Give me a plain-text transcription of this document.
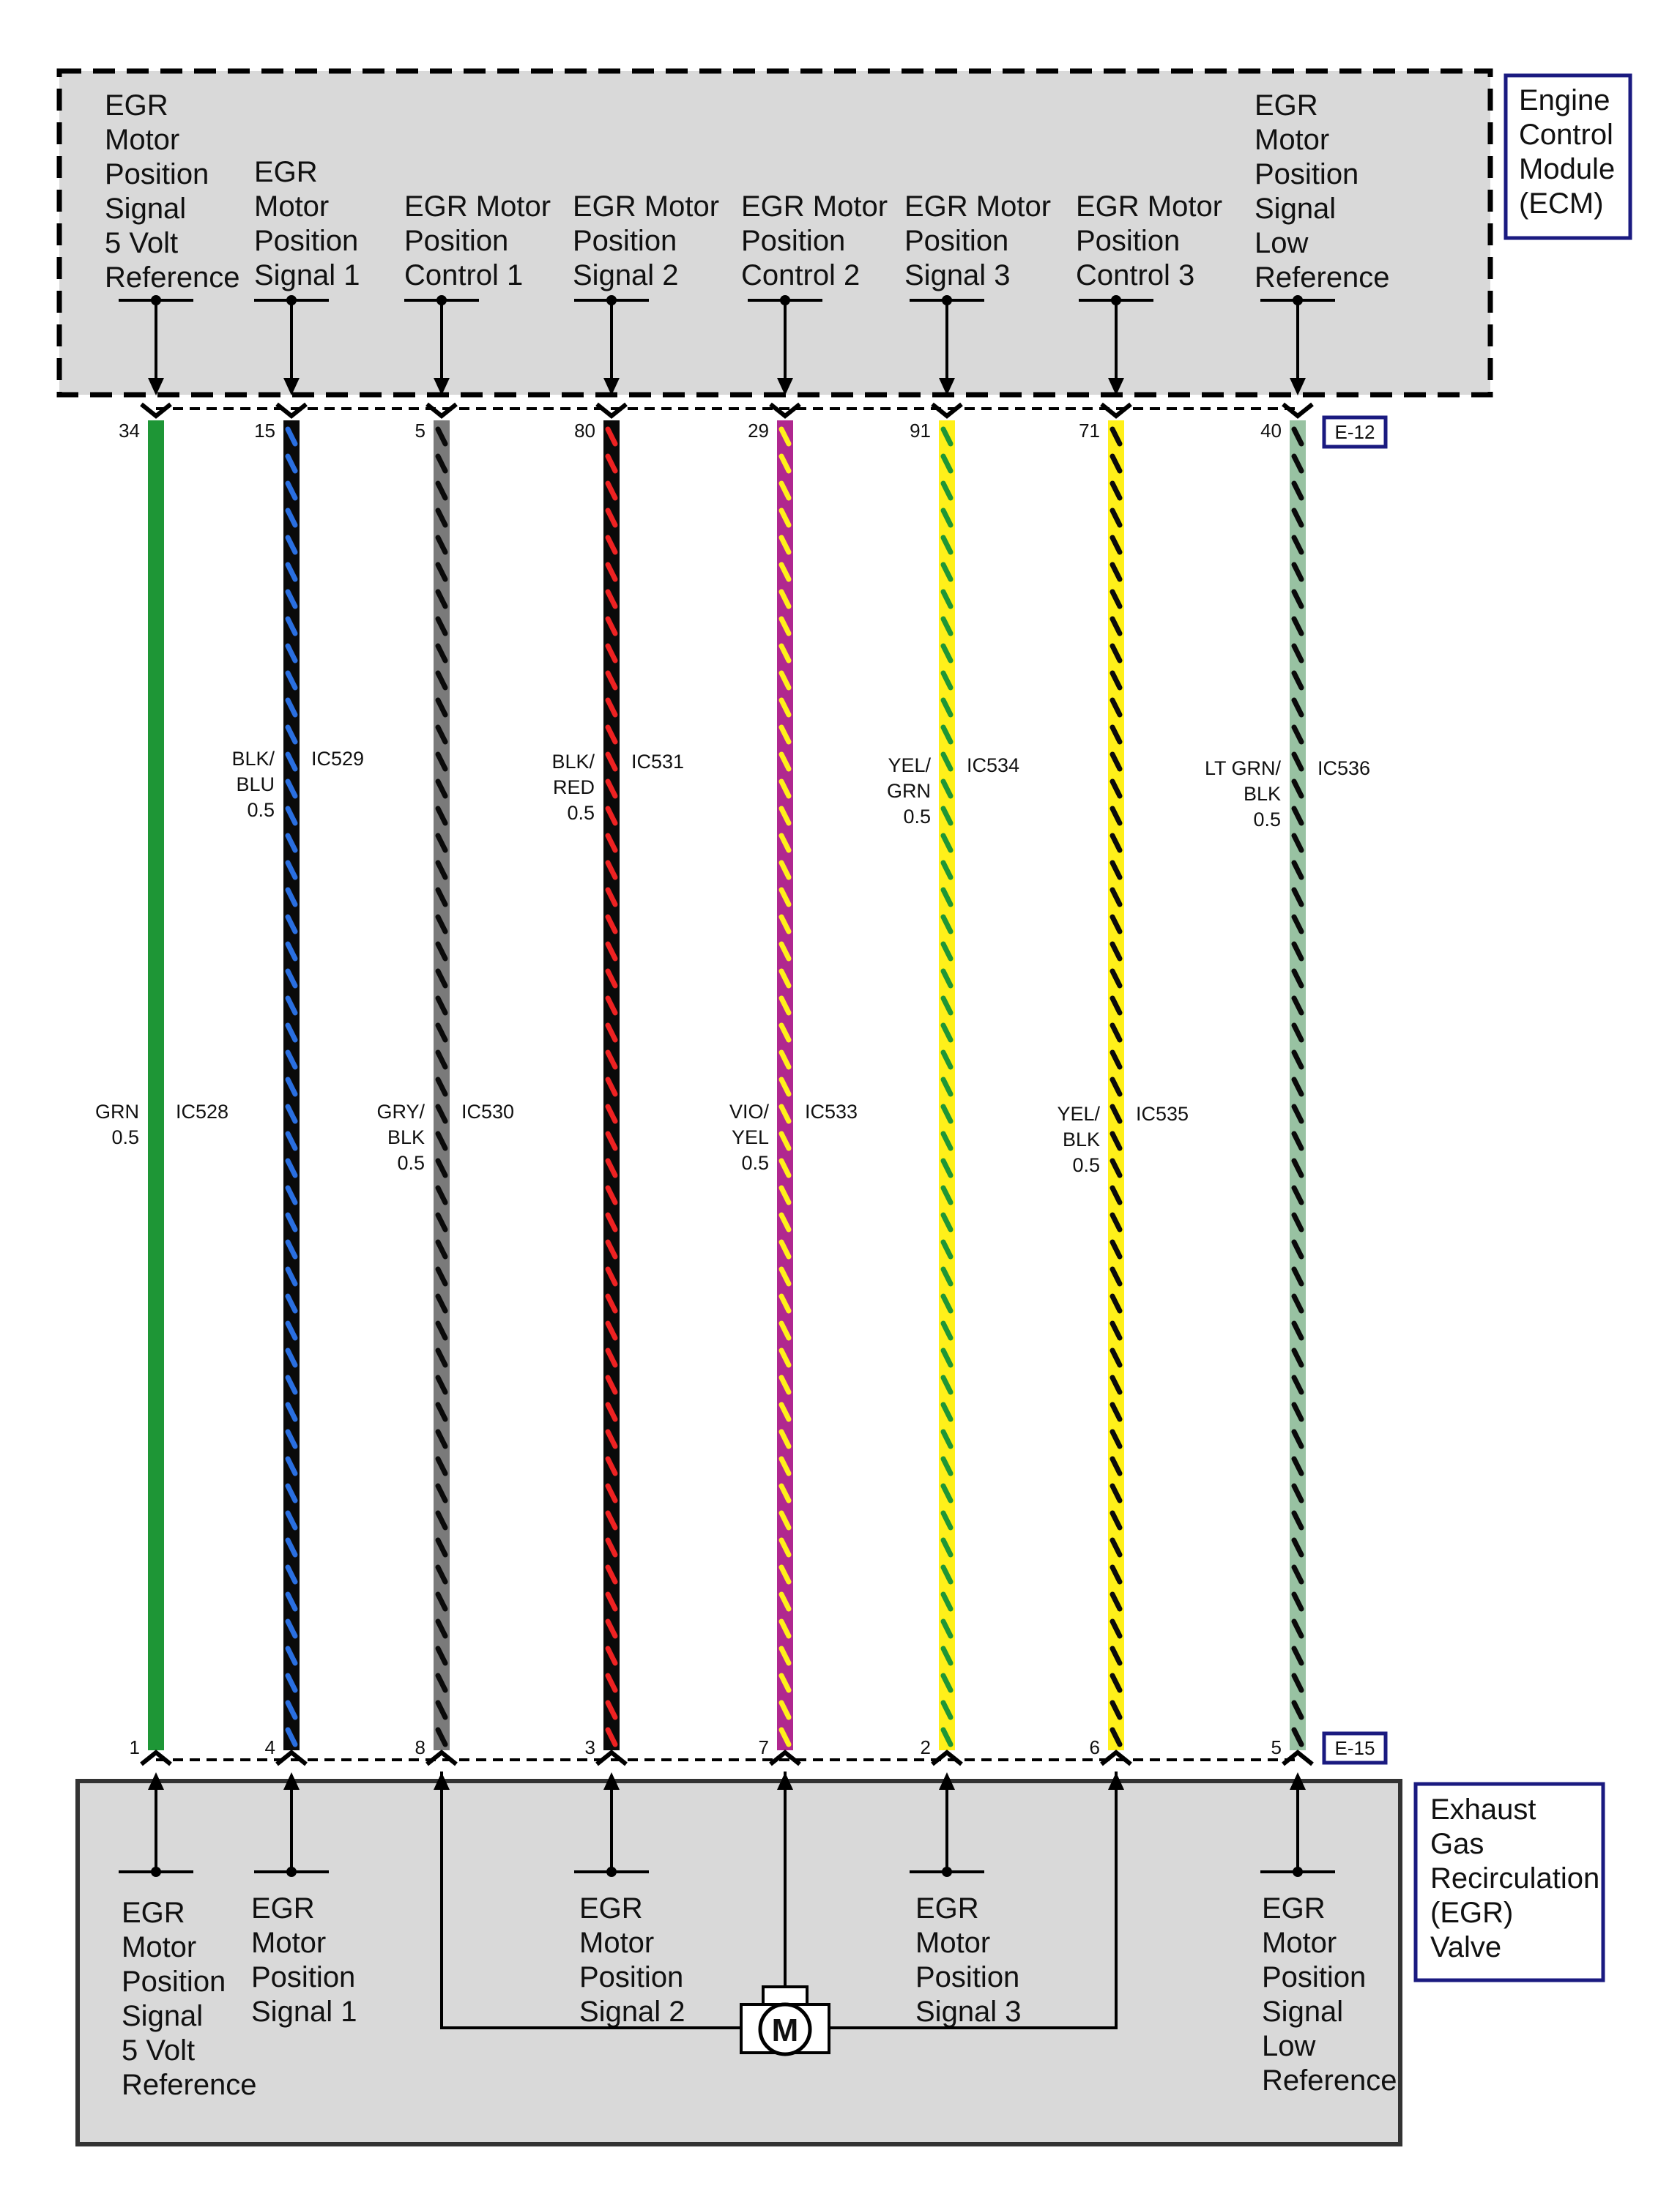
Engine
Control
Module
(ECM)
EGR
Motor
Position
Signal
5 Volt
Reference
EGR
Motor
Position
Signal 1
EGR Motor
Position
Control 1
EGR Motor
Position
Signal 2
EGR Motor
Position
Control 2
EGR Motor
Position
Signal 3
EGR Motor
Position
Control 3
EGR
Motor
Position
Signal
Low
Reference
E-12
Exhaust
Gas
Recirculation
(EGR)
Valve
E-15
EGR
Motor
Position
Signal
5 Volt
Reference
EGR
Motor
Position
Signal 1
EGR
Motor
Position
Signal 2
EGR
Motor
Position
Signal 3
EGR
Motor
Position
Signal
Low
Reference
M
34
1
15
4
5
8
80
3
29
7
91
2
71
6
40
5
GRN
0.5
IC528
BLK/
BLU
0.5
IC529
GRY/
BLK
0.5
IC530
BLK/
RED
0.5
IC531
VIO/
YEL
0.5
IC533
YEL/
GRN
0.5
IC534
YEL/
BLK
0.5
IC535
LT GRN/
BLK
0.5
IC536
